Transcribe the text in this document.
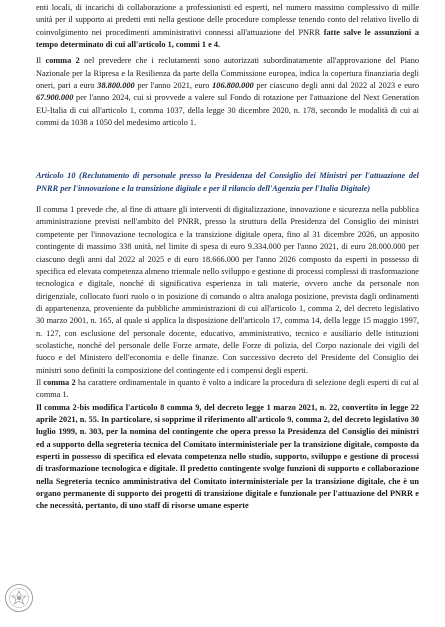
enti locali, di incarichi di collaborazione a professionisti ed esperti, nel numero massimo complessivo di mille unità per il supporto ai predetti enti nella gestione delle procedure complesse tenendo conto del relativo livello di coinvolgimento nei procedimenti amministrativi connessi all'attuazione del PNRR fatte salve le assunzioni a tempo determinato di cui all'articolo 1, commi 1 e 4.

Il comma 2 nel prevedere che i reclutamenti sono autorizzati subordinatamente all'approvazione del Piano Nazionale per la Ripresa e la Resilienza da parte della Commissione europea, indica la copertura finanziaria degli oneri, pari a euro 38.800.000 per l'anno 2021, euro 106.800.000 per ciascuno degli anni dal 2022 al 2023 e euro 67.900.000 per l'anno 2024, cui si provvede a valere sul Fondo di rotazione per l'attuazione del Next Generation EU-Italia di cui all'articolo 1, comma 1037, della legge 30 dicembre 2020, n. 178, secondo le modalità di cui ai commi da 1038 a 1050 del medesimo articolo 1.

Articolo 10 (Reclutamento di personale presso la Presidenza del Consiglio dei Ministri per l'attuazione del PNRR per l'innovazione e la transizione digitale e per il rilancio dell'Agenzia per l'Italia Digitale)

Il comma 1 prevede che, al fine di attuare gli interventi di digitalizzazione, innovazione e sicurezza nella pubblica amministrazione previsti nell'ambito del PNRR, presso la struttura della Presidenza del Consiglio dei ministri competente per l'innovazione tecnologica e la transizione digitale opera, fino al 31 dicembre 2026, un apposito contingente di massimo 338 unità, nel limite di spesa di euro 9.334.000 per l'anno 2021, di euro 28.000.000 per ciascuno degli anni dal 2022 al 2025 e di euro 18.666.000 per l'anno 2026 composto da esperti in possesso di specifica ed elevata competenza almeno triennale nello sviluppo e gestione di processi complessi di trasformazione tecnologica e digitale, nonché di significativa esperienza in tali materie, ovvero anche da personale non dirigenziale, collocato fuori ruolo o in posizione di comando o altra analoga posizione, prevista dagli ordinamenti di appartenenza, proveniente da pubbliche amministrazioni di cui all'articolo 1, comma 2, del decreto legislativo 30 marzo 2001, n. 165, al quale si applica la disposizione dell'articolo 17, comma 14, della legge 15 maggio 1997, n. 127, con esclusione del personale docente, educativo, amministrativo, tecnico e ausiliario delle istituzioni scolastiche, nonché del personale delle Forze armate, delle Forze di polizia, del Corpo nazionale dei vigili del fuoco e del Ministero dell'economia e delle finanze. Con successivo decreto del Presidente del Consiglio dei ministri sono definiti la composizione del contingente ed i compensi degli esperti.

Il comma 2 ha carattere ordinamentale in quanto è volto a indicare la procedura di selezione degli esperti di cui al comma 1.

Il comma 2-bis modifica l'articolo 8 comma 9, del decreto legge 1 marzo 2021, n. 22, convertito in legge 22 aprile 2021, n. 55. In particolare, si sopprime il riferimento all'articolo 9, comma 2, del decreto legislativo 30 luglio 1999, n. 303, per la nomina del contingente che opera presso la Presidenza del Consiglio dei ministri ed a supporto della segreteria tecnica del Comitato interministeriale per la transizione digitale, composto da esperti in possesso di specifica ed elevata competenza nello studio, supporto, sviluppo e gestione di processi di trasformazione tecnologica e digitale. Il predetto contingente svolge funzioni di supporto e collaborazione nella Segreteria tecnico amministrativa del Comitato interministeriale per la transizione digitale, che è un organo permanente di supporto dei progetti di transizione digitale e funzionale per l'attuazione del PNRR e che necessità, pertanto, di uno staff di risorse umane esperte
